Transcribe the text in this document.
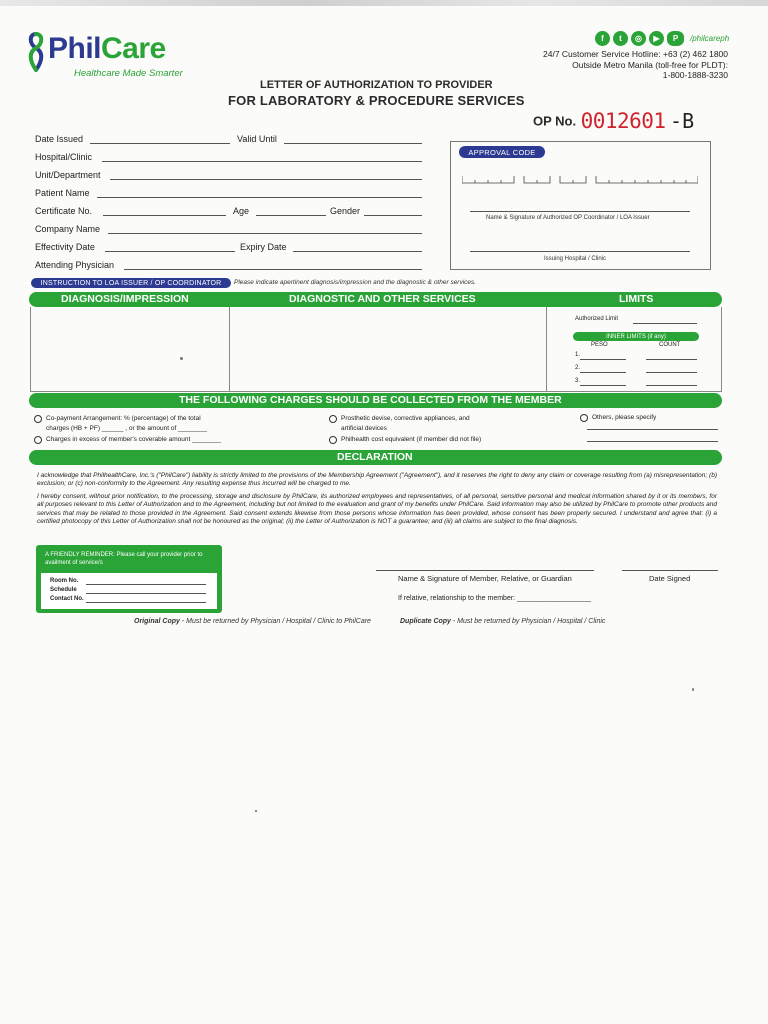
PhilCare
Healthcare Made Smarter
f	t	◎	▶	P	/philcareph
24/7 Customer Service Hotline: +63 (2) 462 1800
Outside Metro Manila (toll-free for PLDT):
1-800-1888-3230
LETTER OF AUTHORIZATION TO PROVIDER
FOR LABORATORY & PROCEDURE SERVICES
OP No. 0012601 -B
Date Issued	Valid Until
Hospital/Clinic
Unit/Department
Patient Name
Certificate No.	Age	Gender
Company Name
Effectivity Date	Expiry Date
Attending Physician
APPROVAL CODE
Name & Signature of Authorized OP Coordinator / LOA Issuer
Issuing Hospital / Clinic
INSTRUCTION TO LOA ISSUER / OP COORDINATOR	Please indicate apertinent diagnosis/impression and the diagnostic & other services.
DIAGNOSIS/IMPRESSION	DIAGNOSTIC AND OTHER SERVICES	LIMITS
Authorized Limit
INNER LIMITS (if any)
PESO	COUNT
1.
2.
3.
THE FOLLOWING CHARGES SHOULD BE COLLECTED FROM THE MEMBER
Co-payment Arrangement: % (percentage) of the total
charges (HB + PF) ______ , or the amount of ________
Charges in excess of member's coverable amount ________
Prosthetic devise, corrective appliances, and
artificial devices
Philhealth cost equivalent (if member did not file)
Others, please specify
DECLARATION
I acknowledge that PhilhealthCare, Inc.'s ("PhilCare") liability is strictly limited to the provisions of the Membership Agreement ("Agreement"), and it reserves the right to deny any claim or coverage resulting from (a) misrepresentation; (b) exclusion; or (c) non-conformity to the Agreement. Any resulting expense thus incurred will be charged to me.
I hereby consent, without prior notification, to the processing, storage and disclosure by PhilCare, its authorized employees and representatives, of all personal, sensitive personal and medical information shared by it or its members, for all purposes relevant to this Letter of Authorization and to the Agreement, including but not limited to the evaluation and grant of my benefits under PhilCare. Said information may also be utilized by PhilCare to promote other products and services that may be related to those provided in the Agreement. Said consent extends likewise from those persons whose information has been provided, whose consent has been properly secured. I understand and agree that: (i) a certified photocopy of this Letter of Authorization shall not be honoured as the original; (ii) the Letter of Authorization is NOT a guarantee; and (iii) all claims are subject to the final diagnosis.
A FRIENDLY REMINDER: Please call your provider prior to availment of service/s
Room No.
Schedule
Contact No.
Name & Signature of Member, Relative, or Guardian	Date Signed
If relative, relationship to the member: ___________________
Original Copy - Must be returned by Physician / Hospital / Clinic to PhilCare	Duplicate Copy - Must be returned by Physician / Hospital / Clinic
